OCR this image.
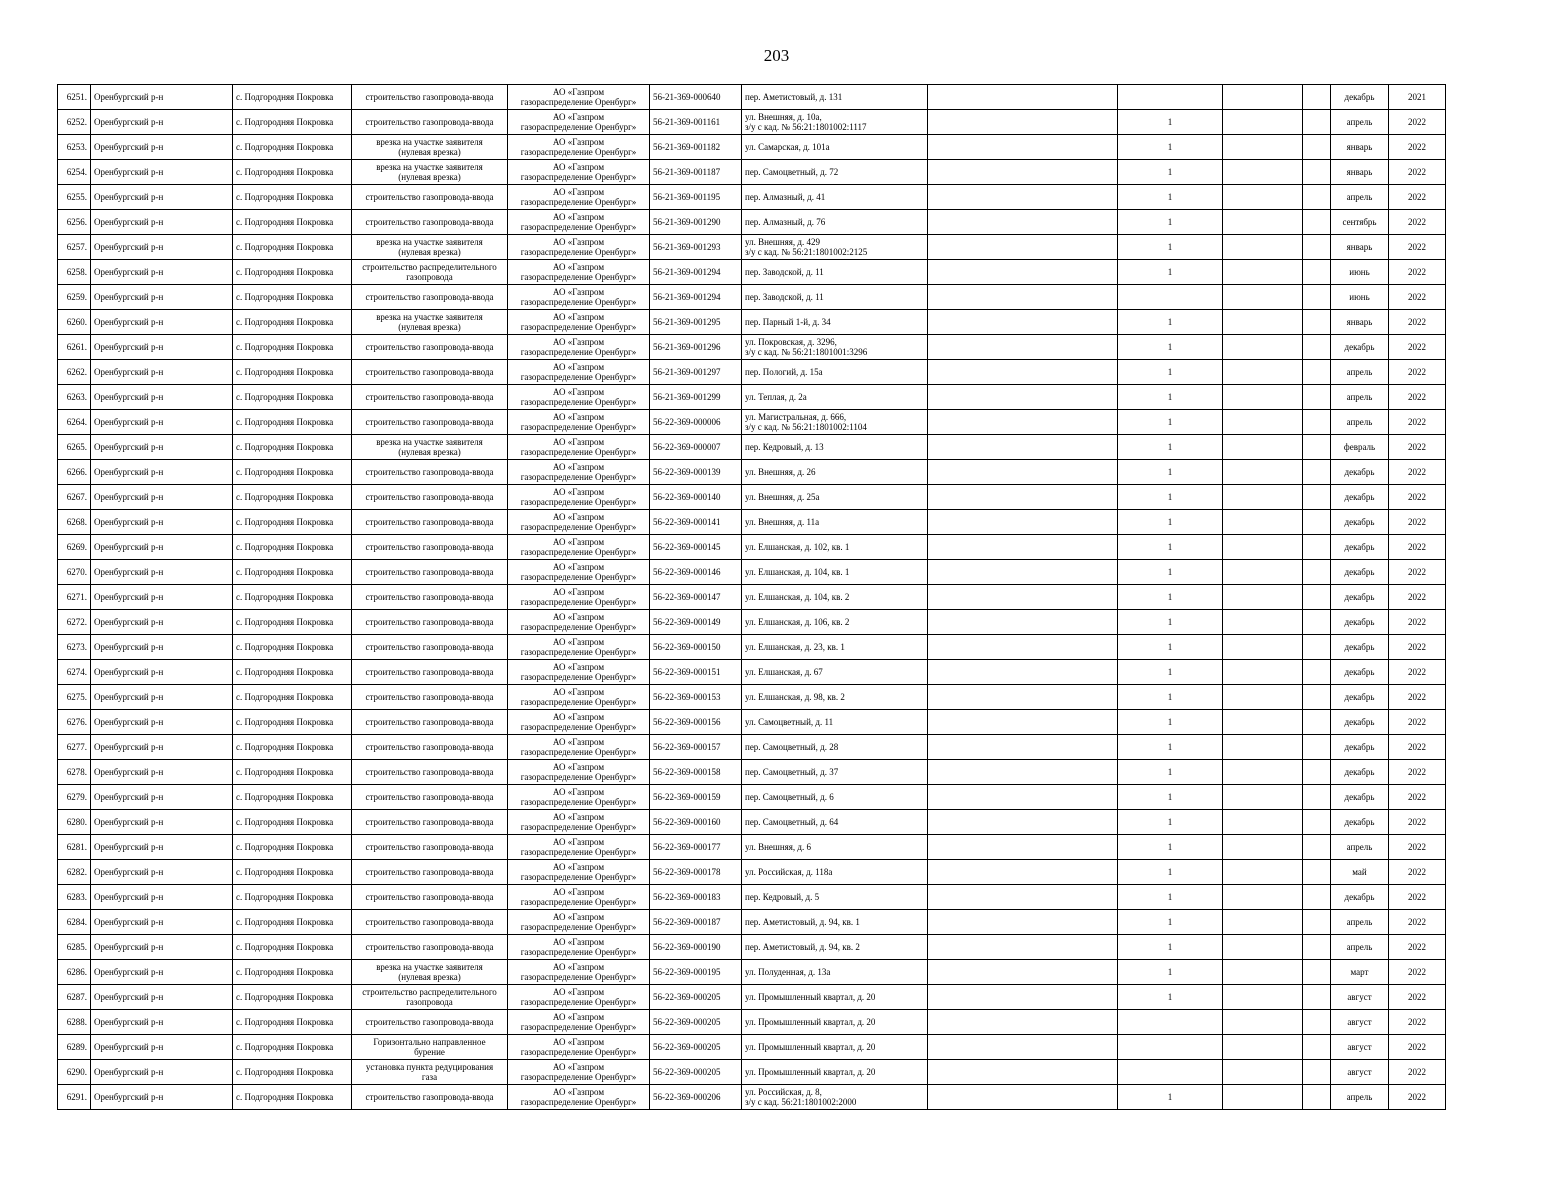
203
6251.	Оренбургский р-н	с. Подгородняя Покровка	строительство газопровода-ввода	АО «Газпром
газораспределение Оренбург»	56-21-369-000640	пер. Аметистовый, д. 131					декабрь	2021
6252.	Оренбургский р-н	с. Подгородняя Покровка	строительство газопровода-ввода	АО «Газпром
газораспределение Оренбург»	56-21-369-001161	ул. Внешняя, д. 10а,
з/у с кад. № 56:21:1801002:1117		1			апрель	2022
6253.	Оренбургский р-н	с. Подгородняя Покровка	врезка на участке заявителя
(нулевая врезка)	АО «Газпром
газораспределение Оренбург»	56-21-369-001182	ул. Самарская, д. 101а		1			январь	2022
6254.	Оренбургский р-н	с. Подгородняя Покровка	врезка на участке заявителя
(нулевая врезка)	АО «Газпром
газораспределение Оренбург»	56-21-369-001187	пер. Самоцветный, д. 72		1			январь	2022
6255.	Оренбургский р-н	с. Подгородняя Покровка	строительство газопровода-ввода	АО «Газпром
газораспределение Оренбург»	56-21-369-001195	пер. Алмазный, д. 41		1			апрель	2022
6256.	Оренбургский р-н	с. Подгородняя Покровка	строительство газопровода-ввода	АО «Газпром
газораспределение Оренбург»	56-21-369-001290	пер. Алмазный, д. 76		1			сентябрь	2022
6257.	Оренбургский р-н	с. Подгородняя Покровка	врезка на участке заявителя
(нулевая врезка)	АО «Газпром
газораспределение Оренбург»	56-21-369-001293	ул. Внешняя, д. 429
з/у с кад. № 56:21:1801002:2125		1			январь	2022
6258.	Оренбургский р-н	с. Подгородняя Покровка	строительство распределительного
газопровода	АО «Газпром
газораспределение Оренбург»	56-21-369-001294	пер. Заводской, д. 11		1			июнь	2022
6259.	Оренбургский р-н	с. Подгородняя Покровка	строительство газопровода-ввода	АО «Газпром
газораспределение Оренбург»	56-21-369-001294	пер. Заводской, д. 11					июнь	2022
6260.	Оренбургский р-н	с. Подгородняя Покровка	врезка на участке заявителя
(нулевая врезка)	АО «Газпром
газораспределение Оренбург»	56-21-369-001295	пер. Парный 1-й, д. 34		1			январь	2022
6261.	Оренбургский р-н	с. Подгородняя Покровка	строительство газопровода-ввода	АО «Газпром
газораспределение Оренбург»	56-21-369-001296	ул. Покровская, д. 3296,
з/у с кад. № 56:21:1801001:3296		1			декабрь	2022
6262.	Оренбургский р-н	с. Подгородняя Покровка	строительство газопровода-ввода	АО «Газпром
газораспределение Оренбург»	56-21-369-001297	пер. Пологий, д. 15а		1			апрель	2022
6263.	Оренбургский р-н	с. Подгородняя Покровка	строительство газопровода-ввода	АО «Газпром
газораспределение Оренбург»	56-21-369-001299	ул. Теплая, д. 2а		1			апрель	2022
6264.	Оренбургский р-н	с. Подгородняя Покровка	строительство газопровода-ввода	АО «Газпром
газораспределение Оренбург»	56-22-369-000006	ул. Магистральная, д. 666,
з/у с кад. № 56:21:1801002:1104		1			апрель	2022
6265.	Оренбургский р-н	с. Подгородняя Покровка	врезка на участке заявителя
(нулевая врезка)	АО «Газпром
газораспределение Оренбург»	56-22-369-000007	пер. Кедровый, д. 13		1			февраль	2022
6266.	Оренбургский р-н	с. Подгородняя Покровка	строительство газопровода-ввода	АО «Газпром
газораспределение Оренбург»	56-22-369-000139	ул. Внешняя, д. 26		1			декабрь	2022
6267.	Оренбургский р-н	с. Подгородняя Покровка	строительство газопровода-ввода	АО «Газпром
газораспределение Оренбург»	56-22-369-000140	ул. Внешняя, д. 25а		1			декабрь	2022
6268.	Оренбургский р-н	с. Подгородняя Покровка	строительство газопровода-ввода	АО «Газпром
газораспределение Оренбург»	56-22-369-000141	ул. Внешняя, д. 11а		1			декабрь	2022
6269.	Оренбургский р-н	с. Подгородняя Покровка	строительство газопровода-ввода	АО «Газпром
газораспределение Оренбург»	56-22-369-000145	ул. Елшанская, д. 102, кв. 1		1			декабрь	2022
6270.	Оренбургский р-н	с. Подгородняя Покровка	строительство газопровода-ввода	АО «Газпром
газораспределение Оренбург»	56-22-369-000146	ул. Елшанская, д. 104, кв. 1		1			декабрь	2022
6271.	Оренбургский р-н	с. Подгородняя Покровка	строительство газопровода-ввода	АО «Газпром
газораспределение Оренбург»	56-22-369-000147	ул. Елшанская, д. 104, кв. 2		1			декабрь	2022
6272.	Оренбургский р-н	с. Подгородняя Покровка	строительство газопровода-ввода	АО «Газпром
газораспределение Оренбург»	56-22-369-000149	ул. Елшанская, д. 106, кв. 2		1			декабрь	2022
6273.	Оренбургский р-н	с. Подгородняя Покровка	строительство газопровода-ввода	АО «Газпром
газораспределение Оренбург»	56-22-369-000150	ул. Елшанская, д. 23, кв. 1		1			декабрь	2022
6274.	Оренбургский р-н	с. Подгородняя Покровка	строительство газопровода-ввода	АО «Газпром
газораспределение Оренбург»	56-22-369-000151	ул. Елшанская, д. 67		1			декабрь	2022
6275.	Оренбургский р-н	с. Подгородняя Покровка	строительство газопровода-ввода	АО «Газпром
газораспределение Оренбург»	56-22-369-000153	ул. Елшанская, д. 98, кв. 2		1			декабрь	2022
6276.	Оренбургский р-н	с. Подгородняя Покровка	строительство газопровода-ввода	АО «Газпром
газораспределение Оренбург»	56-22-369-000156	ул. Самоцветный, д. 11		1			декабрь	2022
6277.	Оренбургский р-н	с. Подгородняя Покровка	строительство газопровода-ввода	АО «Газпром
газораспределение Оренбург»	56-22-369-000157	пер. Самоцветный, д. 28		1			декабрь	2022
6278.	Оренбургский р-н	с. Подгородняя Покровка	строительство газопровода-ввода	АО «Газпром
газораспределение Оренбург»	56-22-369-000158	пер. Самоцветный, д. 37		1			декабрь	2022
6279.	Оренбургский р-н	с. Подгородняя Покровка	строительство газопровода-ввода	АО «Газпром
газораспределение Оренбург»	56-22-369-000159	пер. Самоцветный, д. 6		1			декабрь	2022
6280.	Оренбургский р-н	с. Подгородняя Покровка	строительство газопровода-ввода	АО «Газпром
газораспределение Оренбург»	56-22-369-000160	пер. Самоцветный, д. 64		1			декабрь	2022
6281.	Оренбургский р-н	с. Подгородняя Покровка	строительство газопровода-ввода	АО «Газпром
газораспределение Оренбург»	56-22-369-000177	ул. Внешняя, д. 6		1			апрель	2022
6282.	Оренбургский р-н	с. Подгородняя Покровка	строительство газопровода-ввода	АО «Газпром
газораспределение Оренбург»	56-22-369-000178	ул. Российская, д. 118а		1			май	2022
6283.	Оренбургский р-н	с. Подгородняя Покровка	строительство газопровода-ввода	АО «Газпром
газораспределение Оренбург»	56-22-369-000183	пер. Кедровый, д. 5		1			декабрь	2022
6284.	Оренбургский р-н	с. Подгородняя Покровка	строительство газопровода-ввода	АО «Газпром
газораспределение Оренбург»	56-22-369-000187	пер. Аметистовый, д. 94, кв. 1		1			апрель	2022
6285.	Оренбургский р-н	с. Подгородняя Покровка	строительство газопровода-ввода	АО «Газпром
газораспределение Оренбург»	56-22-369-000190	пер. Аметистовый, д. 94, кв. 2		1			апрель	2022
6286.	Оренбургский р-н	с. Подгородняя Покровка	врезка на участке заявителя
(нулевая врезка)	АО «Газпром
газораспределение Оренбург»	56-22-369-000195	ул. Полуденная, д. 13а		1			март	2022
6287.	Оренбургский р-н	с. Подгородняя Покровка	строительство распределительного
газопровода	АО «Газпром
газораспределение Оренбург»	56-22-369-000205	ул. Промышленный квартал, д. 20		1			август	2022
6288.	Оренбургский р-н	с. Подгородняя Покровка	строительство газопровода-ввода	АО «Газпром
газораспределение Оренбург»	56-22-369-000205	ул. Промышленный квартал, д. 20					август	2022
6289.	Оренбургский р-н	с. Подгородняя Покровка	Горизонтально направленное
бурение	АО «Газпром
газораспределение Оренбург»	56-22-369-000205	ул. Промышленный квартал, д. 20					август	2022
6290.	Оренбургский р-н	с. Подгородняя Покровка	установка пункта редуцирования
газа	АО «Газпром
газораспределение Оренбург»	56-22-369-000205	ул. Промышленный квартал, д. 20					август	2022
6291.	Оренбургский р-н	с. Подгородняя Покровка	строительство газопровода-ввода	АО «Газпром
газораспределение Оренбург»	56-22-369-000206	ул. Российская, д. 8,
з/у с кад. 56:21:1801002:2000		1			апрель	2022
